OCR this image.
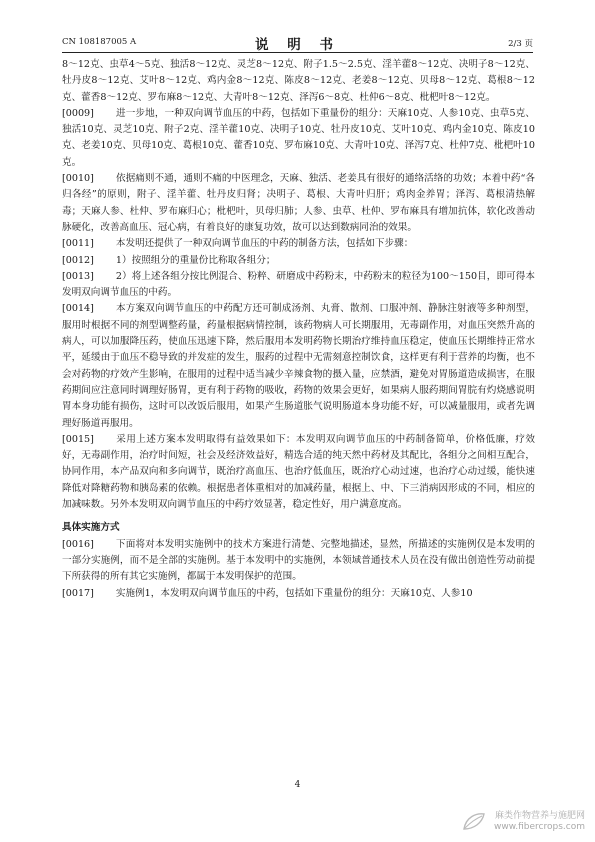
CN 108187005 A	说 明 书	2/3 页

8～12克、虫草4～5克、独活8～12克、灵芝8～12克、附子1.5～2.5克、淫羊藿8～12克、决明子8～12克、牡丹皮8～12克、艾叶8～12克、鸡内金8～12克、陈皮8～12克、老姜8～12克、贝母8～12克、葛根8～12克、藿香8～12克、罗布麻8～12克、大青叶8～12克、泽泻6～8克、杜仲6～8克、枇杷叶8～12克。

[0009] 进一步地，一种双向调节血压的中药，包括如下重量份的组分：天麻10克、人参10克、虫草5克、独活10克、灵芝10克、附子2克、淫羊藿10克、决明子10克、牡丹皮10克、艾叶10克、鸡内金10克、陈皮10克、老姜10克、贝母10克、葛根10克、藿香10克、罗布麻10克、大青叶10克、泽泻7克、杜仲7克、枇杷叶10克。

[0010] 依据痛则不通，通则不痛的中医理念，天麻、独活、老姜具有很好的通络活络的功效；本着中药“各归各经”的原则，附子、淫羊藿、牡丹皮归肾；决明子、葛根、大青叶归肝；鸡肉金养胃；泽泻、葛根清热解毒；天麻人参、杜仲、罗布麻归心；枇杷叶，贝母归肺；人参、虫草、杜仲、罗布麻具有增加抗体，软化改善动脉硬化，改善高血压、冠心病，有着良好的康复功效，故可以达到数病同治的效果。

[0011] 本发明还提供了一种双向调节血压的中药的制备方法，包括如下步骤：

[0012] 1）按照组分的重量份比称取各组分；

[0013] 2）将上述各组分按比例混合、粉粹、研磨成中药粉末，中药粉末的粒径为100～150目，即可得本发明双向调节血压的中药。

[0014] 本方案双向调节血压的中药配方还可制成汤剂、丸膏、散剂、口服冲剂、静脉注射液等多种剂型，服用时根据不同的剂型调整药量，药量根据病情控制，该药物病人可长期服用，无毒副作用，对血压突然升高的病人，可以加服降压药，使血压迅速下降，然后服用本发明药物长期治疗维持血压稳定，使血压长期维持正常水平，延缓由于血压不稳导致的并发症的发生，服药的过程中无需刻意控制饮食，这样更有利于营养的均衡，也不会对药物的疗效产生影响，在服用的过程中适当减少辛辣食物的摄入量，应禁酒，避免对胃肠道造成损害，在服药期间应注意同时调理好肠胃，更有利于药物的吸收，药物的效果会更好，如果病人服药期间胃脘有灼烧感说明胃本身功能有损伤，这时可以改饭后服用，如果产生肠道胀气说明肠道本身功能不好，可以减量服用，或者先调理好肠道再服用。

[0015] 采用上述方案本发明取得有益效果如下：本发明双向调节血压的中药制备简单，价格低廉，疗效好，无毒副作用，治疗时间短，社会及经济效益好，精选合适的纯天然中药材及其配比，各组分之间相互配合，协同作用，本产品双向和多向调节，既治疗高血压、也治疗低血压，既治疗心动过速，也治疗心动过缓，能快速降低对降糖药物和胰岛素的依赖。根据患者体重相对的加减药量，根据上、中、下三消病因形成的不同，相应的加减味数。另外本发明双向调节血压的中药疗效显著，稳定性好，用户满意度高。

具体实施方式

[0016] 下面将对本发明实施例中的技术方案进行清楚、完整地描述，显然，所描述的实施例仅是本发明的一部分实施例，而不是全部的实施例。基于本发明中的实施例，本领域普通技术人员在没有做出创造性劳动前提下所获得的所有其它实施例，都属于本发明保护的范围。

[0017] 实施例1，本发明双向调节血压的中药，包括如下重量份的组分：天麻10克、人参10

4
麻类作物营养与施肥网
www.fibercrops.com
